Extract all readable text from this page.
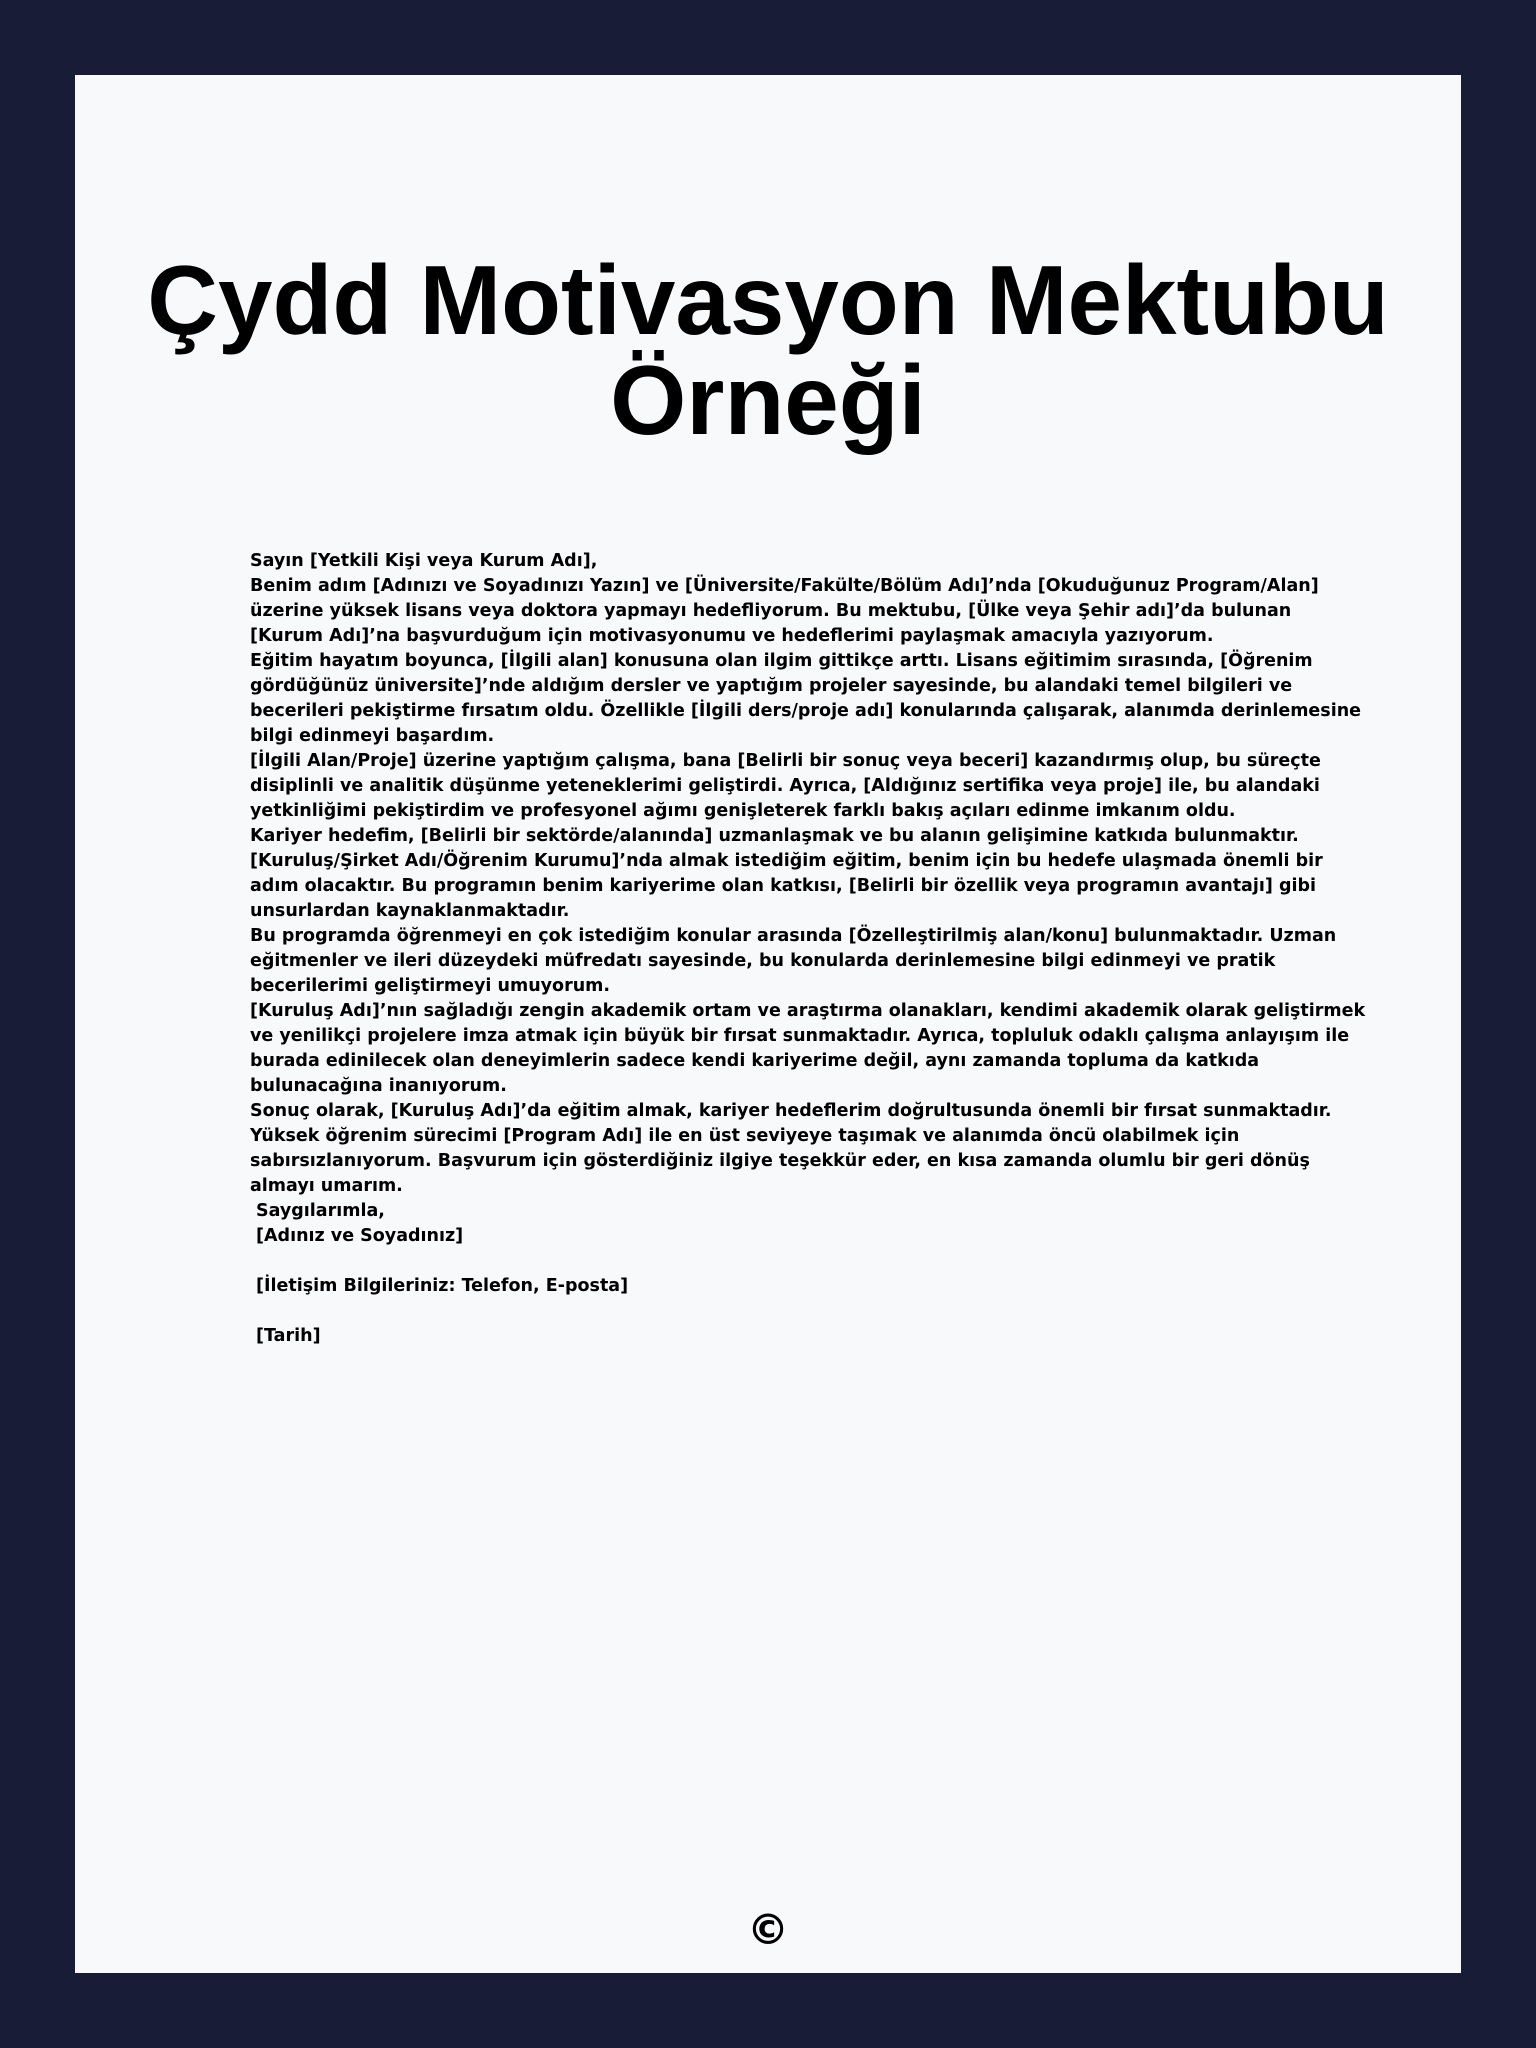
Çydd Motivasyon Mektubu Örneği

Sayın [Yetkili Kişi veya Kurum Adı],

Benim adım [Adınızı ve Soyadınızı Yazın] ve [Üniversite/Fakülte/Bölüm Adı]’nda [Okuduğunuz Program/Alan] üzerine yüksek lisans veya doktora yapmayı hedefliyorum. Bu mektubu, [Ülke veya Şehir adı]’da bulunan [Kurum Adı]’na başvurduğum için motivasyonumu ve hedeflerimi paylaşmak amacıyla yazıyorum.

Eğitim hayatım boyunca, [İlgili alan] konusuna olan ilgim gittikçe arttı. Lisans eğitimim sırasında, [Öğrenim gördüğünüz üniversite]’nde aldığım dersler ve yaptığım projeler sayesinde, bu alandaki temel bilgileri ve becerileri pekiştirme fırsatım oldu. Özellikle [İlgili ders/proje adı] konularında çalışarak, alanımda derinlemesine bilgi edinmeyi başardım.

[İlgili Alan/Proje] üzerine yaptığım çalışma, bana [Belirli bir sonuç veya beceri] kazandırmış olup, bu süreçte disiplinli ve analitik düşünme yeteneklerimi geliştirdi. Ayrıca, [Aldığınız sertifika veya proje] ile, bu alandaki yetkinliğimi pekiştirdim ve profesyonel ağımı genişleterek farklı bakış açıları edinme imkanım oldu.

Kariyer hedefim, [Belirli bir sektörde/alanında] uzmanlaşmak ve bu alanın gelişimine katkıda bulunmaktır. [Kuruluş/Şirket Adı/Öğrenim Kurumu]’nda almak istediğim eğitim, benim için bu hedefe ulaşmada önemli bir adım olacaktır. Bu programın benim kariyerime olan katkısı, [Belirli bir özellik veya programın avantajı] gibi unsurlardan kaynaklanmaktadır.

Bu programda öğrenmeyi en çok istediğim konular arasında [Özelleştirilmiş alan/konu] bulunmaktadır. Uzman eğitmenler ve ileri düzeydeki müfredatı sayesinde, bu konularda derinlemesine bilgi edinmeyi ve pratik becerilerimi geliştirmeyi umuyorum.

[Kuruluş Adı]’nın sağladığı zengin akademik ortam ve araştırma olanakları, kendimi akademik olarak geliştirmek ve yenilikçi projelere imza atmak için büyük bir fırsat sunmaktadır. Ayrıca, topluluk odaklı çalışma anlayışım ile burada edinilecek olan deneyimlerin sadece kendi kariyerime değil, aynı zamanda topluma da katkıda bulunacağına inanıyorum.

Sonuç olarak, [Kuruluş Adı]’da eğitim almak, kariyer hedeflerim doğrultusunda önemli bir fırsat sunmaktadır. Yüksek öğrenim sürecimi [Program Adı] ile en üst seviyeye taşımak ve alanımda öncü olabilmek için sabırsızlanıyorum. Başvurum için gösterdiğiniz ilgiye teşekkür eder, en kısa zamanda olumlu bir geri dönüş almayı umarım.

Saygılarımla,

[Adınız ve Soyadınız]

[İletişim Bilgileriniz: Telefon, E-posta]

[Tarih]

©
